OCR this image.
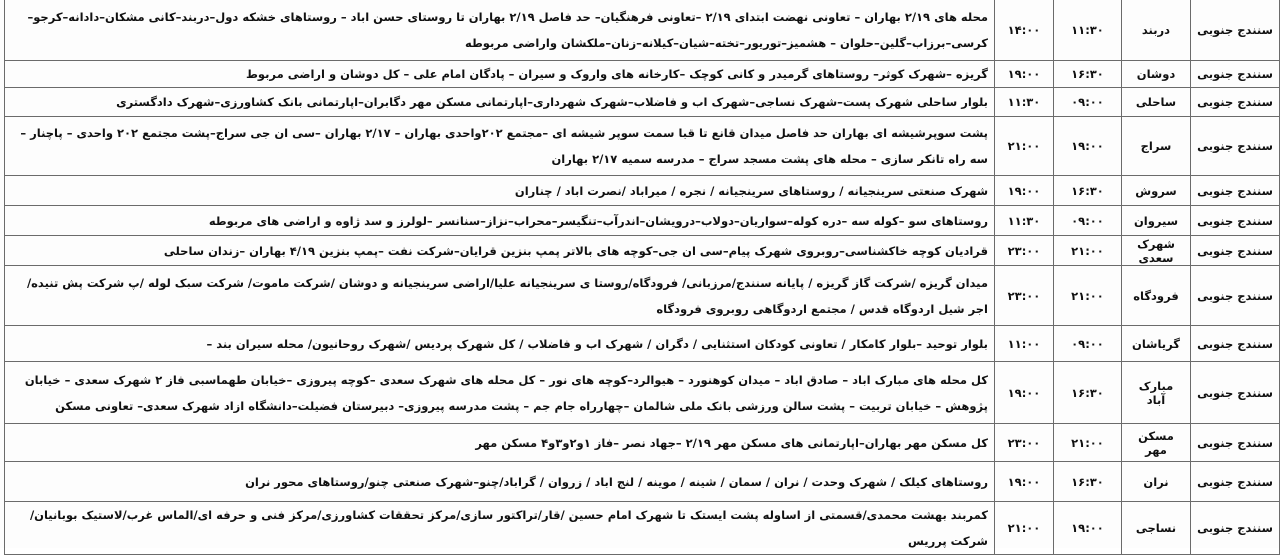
سنندج جنوبی	دربند	۱۱:۳۰	۱۴:۰۰	محله های ۲/۱۹ بهاران – تعاونی نهضت ابتدای ۲/۱۹ –تعاونی فرهنگیان– حد فاصل ۲/۱۹ بهاران تا روستای حسن اباد – روستاهای خشکه دول–دربند–کانی مشکان–دادانه–کرجو–کرسی–برزاب–گلین–حلوان – هشمیز–توریور–تخته–شیان–کیلانه–زنان–ملکشان واراضی مربوطه
سنندج جنوبی	دوشان	۱۶:۳۰	۱۹:۰۰	گریزه –شهرک کوثر– روستاهای گرمیدر و کانی کوچک –کارخانه های واروک و سیران – پادگان امام علی – کل دوشان و اراضی مربوط
سنندج جنوبی	ساحلی	۰۹:۰۰	۱۱:۳۰	بلوار ساحلی شهرک پست–شهرک نساجی–شهرک اب و فاضلاب–شهرک شهرداری–اپارتمانی مسکن مهر دگابران–اپارتمانی بانک کشاورزی–شهرک دادگستری
سنندج جنوبی	سراج	۱۹:۰۰	۲۱:۰۰	پشت سوپرشیشه ای بهاران حد فاصل میدان قانع تا قبا سمت سوپر شیشه ای –مجتمع ۲۰۲واحدی بهاران – ۲/۱۷ بهاران –سی ان جی سراج–پشت مجتمع ۲۰۲ واحدی – پاچنار – سه راه تانکر سازی – محله های پشت مسجد سراج – مدرسه سمیه ۲/۱۷ بهاران
سنندج جنوبی	سروش	۱۶:۳۰	۱۹:۰۰	شهرک صنعتی سرینجیانه / روستاهای سرینجیانه / نجره / میراباد /نصرت اباد / چناران
سنندج جنوبی	سیروان	۰۹:۰۰	۱۱:۳۰	روستاهای سو –کوله سه –دره کوله–سواریان–دولاب–درویشان–اندرآب–تنگیسر–محراب–نزاز–سنانسر –لولرز و سد ژاوه و اراضی های مربوطه
سنندج جنوبی	شهرک سعدی	۲۱:۰۰	۲۳:۰۰	قرادیان کوچه خاکشناسی–روبروی شهرک پیام–سی ان جی–کوچه های بالاتر پمپ بنزین قرایان–شرکت نفت –پمپ بنزین ۴/۱۹ بهاران –زندان ساحلی
سنندج جنوبی	فرودگاه	۲۱:۰۰	۲۳:۰۰	میدان گریزه /شرکت گاز گریزه / پایانه سنندج/مرزبانی/ فرودگاه/روستا ی سرینجیانه علیا/اراضی سرینجیانه و دوشان /شرکت ماموت/ شرکت سبک لوله /پ شرکت پش تنیده/اجر شیل اردوگاه قدس / مجتمع اردوگاهی روبروی فرودگاه
سنندج جنوبی	گریاشان	۰۹:۰۰	۱۱:۰۰	بلوار توحید –بلوار کامکار / تعاونی کودکان استثنایی / دگران / شهرک اب و فاضلاب / کل شهرک پردیس /شهرک روحانیون/ محله سیران بند –
سنندج جنوبی	مبارک آباد	۱۶:۳۰	۱۹:۰۰	کل محله های مبارک اباد – صادق اباد – میدان کوهنورد – هیوالرد–کوچه های نور – کل محله های شهرک سعدی –کوچه پیروزی –خیابان طهماسبی فاز ۲ شهرک سعدی – خیابان پژوهش – خیابان تربیت – پشت سالن ورزشی بانک ملی شالمان –چهارراه جام جم – پشت مدرسه پیروزی– دبیرستان فضیلت–دانشگاه ازاد شهرک سعدی– تعاونی مسکن
سنندج جنوبی	مسکن مهر	۲۱:۰۰	۲۳:۰۰	کل مسکن مهر بهاران–اپارتمانی های مسکن مهر ۲/۱۹ –جهاد نصر –فاز ۱و۲و۳و۴ مسکن مهر
سنندج جنوبی	نران	۱۶:۳۰	۱۹:۰۰	روستاهای کیلک / شهرک وحدت / نران / سمان / شینه / موینه / لنج اباد / زروان / گراباد/چنو–شهرک صنعتی چنو/روستاهای محور نران
سنندج جنوبی	نساجی	۱۹:۰۰	۲۱:۰۰	کمربند بهشت محمدی/قسمتی از اساوله پشت ایستک تا شهرک امام حسین /قار/تراکتور سازی/مرکز تحققات کشاورزی/مرکز فنی و حرفه ای/الماس غرب/لاستیک بوبانیان/شرکت پرریس
